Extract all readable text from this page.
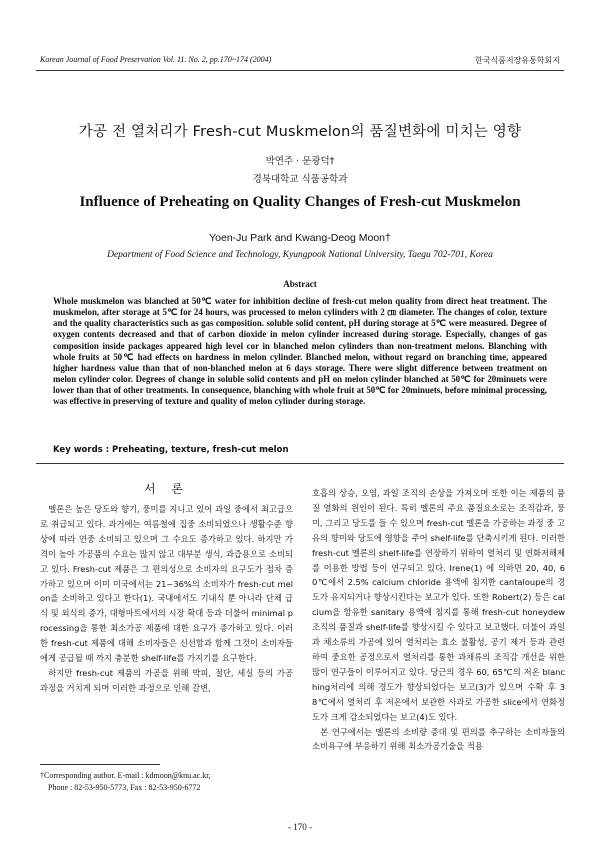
Korean Journal of Food Preservation Vol. 11. No. 2, pp.170~174 (2004)	한국식품저장유통학회지
가공 전 열처리가 Fresh-cut Muskmelon의 품질변화에 미치는 영향
박연주 · 문광덕†
경북대학교 식품공학과
Influence of Preheating on Quality Changes of Fresh-cut Muskmelon
Yoen-Ju Park and Kwang-Deog Moon†
Department of Food Science and Technology, Kyungpook National University, Taegu 702-701, Korea
Abstract
Whole muskmelon was blanched at 50℃ water for inhibition decline of fresh-cut melon quality from direct heat treatment. The muskmelon, after storage at 5℃ for 24 hours, was processed to melon cylinders with 2 ㎝ diameter. The changes of color, texture and the quality characteristics such as gas composition. soluble solid content, pH during storage at 5℃ were measured. Degree of oxygen contents decreased and that of carbon dioxide in melon cylinder increased during storage. Especially, changes of gas composition inside packages appeared high level cor in blanched melon cylinders than non-treatment melons. Blanching with whole fruits at 50℃ had effects on hardness in melon cylinder. Blanched melon, without regard on branching time, appeared higher hardness value than that of non-blanched melon at 6 days storage. There were slight difference between treatment on melon cylinder color. Degrees of change in soluble solid contents and pH on melon cylinder blanched at 50℃ for 20minuets were lower than that of other treatments. In consequence, blanching with whole fruit at 50℃ for 20minuets, before minimal processing, was effective in preserving of texture and quality of melon cylinder during storage.
Key words : Preheating, texture, fresh-cut melon
서 론

멜론은 높은 당도와 향기, 풍미를 지니고 있어 과일 중에서 최고급으로 취급되고 있다. 과거에는 여름철에 집중 소비되었으나 생활수준 향상에 따라 연중 소비되고 있으며 그 수요도 증가하고 있다. 하지만 가격이 높아 가공품의 수요는 많지 않고 대부분 생식, 과즙용으로 소비되고 있다. Fresh-cut 제품은 그 편의성으로 소비자의 요구도가 점차 증가하고 있으며 이미 미국에서는 21~36%의 소비자가 fresh-cut melon을 소비하고 있다고 한다(1). 국내에서도 기내식 뿐 아니라 단체 급식 및 외식의 증가, 대형마트에서의 시장 확대 등과 더불어 minimal processing을 통한 최소가공 제품에 대한 요구가 증가하고 있다. 이러한 fresh-cut 제품에 대해 소비자들은 신선함과 함께 그것이 소비자들에게 공급될 때 까지 충분한 shelf-life를 가지기를 요구한다.

하지만 fresh-cut 제품의 가공을 위해 박피, 절단, 세실 등의 가공 과정을 거치게 되며 이러한 과정으로 인해 갈변,

호흡의 상승, 오염, 과일 조직의 손상을 가져오며 또한 이는 제품의 품질 열화의 원인이 된다. 특히 멜론의 주요 품질요소로는 조직감과, 풍미, 그리고 당도를 들 수 있으며 fresh-cut 멜론을 가공하는 과정 중 고유의 향미와 당도에 영향을 주어 shelf-life를 단축시키게 된다. 이러한 fresh-cut 멜론의 shelf-life를 연장하기 위하여 열처리 및 연화저해제를 이용한 방법 등이 연구되고 있다. Irene(1) 에 의하면 20, 40, 60℃에서 2.5% calcium chloride 용액에 침지한 cantaloupe의 경도가 유지되거나 향상시킨다는 보고가 있다. 또한 Robert(2) 등은 calcium을 함유한 sanitary 용액에 침지를 통해 fresh-cut honeydew 조직의 품질과 shelf-life를 향상시킬 수 있다고 보고했다. 더불어 과일과 채소류의 가공에 있어 열처리는 효소 불활성, 공기 제거 등과 관련하여 중요한 공정으로서 열처리를 통한 과채류의 조직감 개선을 위한 많이 연구들이 이루어지고 있다. 당근의 경우 60, 65℃의 저온 blanching처리에 의해 경도가 향상되었다는 보고(3)가 있으며 수확 후 38℃에서 열처리 후 저온에서 보관한 사과로 가공한 slice에서 연화정도가 크게 감소되었다는 보고(4)도 있다.

본 연구에서는 멜론의 소비량 증대 및 편의를 추구하는 소비자들의 소비욕구에 부응하기 위해 최소가공기술을 적용

†Corresponding author. E-mail : kdmoon@knu.ac.kr,
Phone : 82-53-950-5773, Fax : 82-53-950-6772
- 170 -
